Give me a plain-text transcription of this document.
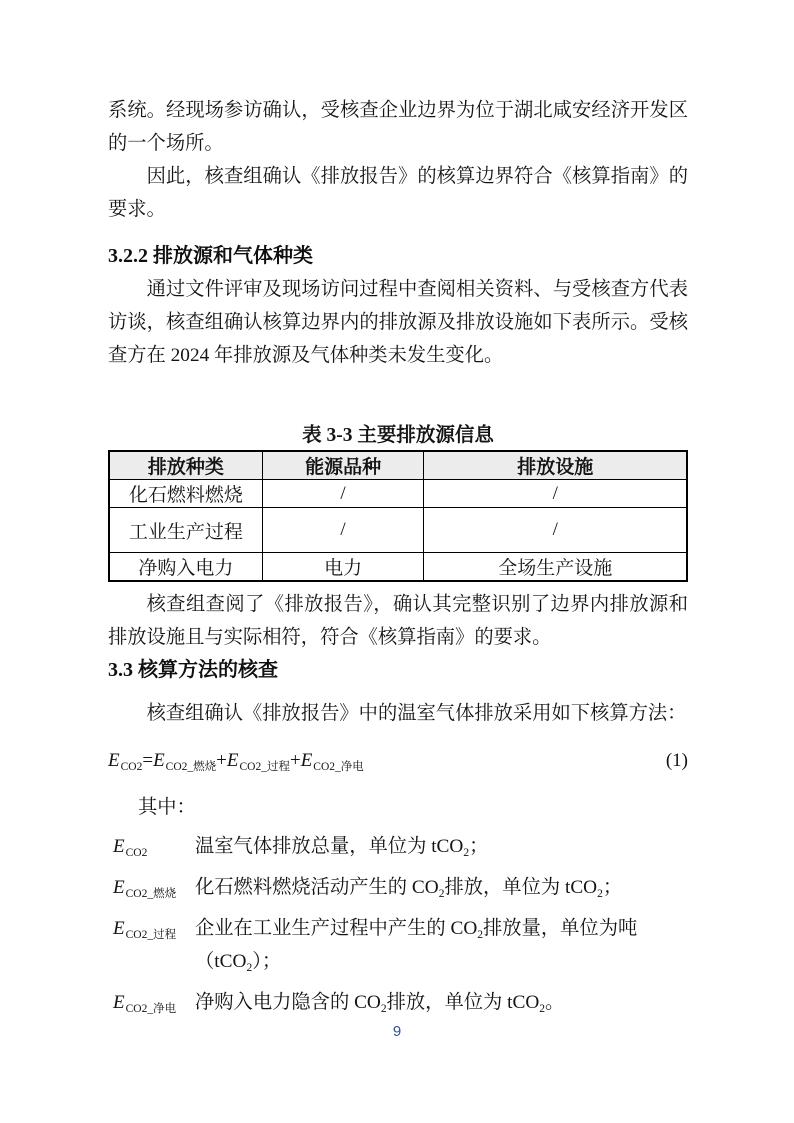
系统。经现场参访确认，受核查企业边界为位于湖北咸安经济开发区的一个场所。

因此，核查组确认《排放报告》的核算边界符合《核算指南》的要求。

3.2.2 排放源和气体种类

通过文件评审及现场访问过程中查阅相关资料、与受核查方代表访谈，核查组确认核算边界内的排放源及排放设施如下表所示。受核查方在 2024 年排放源及气体种类未发生变化。

表 3-3 主要排放源信息
排放种类	能源品种	排放设施
化石燃料燃烧	/	/
工业生产过程	/	/
净购入电力	电力	全场生产设施

核查组查阅了《排放报告》，确认其完整识别了边界内排放源和排放设施且与实际相符，符合《核算指南》的要求。

3.3 核算方法的核查

核查组确认《排放报告》中的温室气体排放采用如下核算方法：

$E_{CO2}=E_{CO2\_燃烧}+E_{CO2\_过程}+E_{CO2\_净电}$	(1)

其中：

$E_{CO2}$	温室气体排放总量，单位为 tCO$_2$；
$E_{CO2\_燃烧}$ 化石燃料燃烧活动产生的 $CO_2$排放，单位为 tCO$_2$；
$E_{CO2\_过程}$ 企业在工业生产过程中产生的 $CO_2$排放量，单位为吨（tCO$_2$）；
$E_{CO2\_净电}$ 净购入电力隐含的 $CO_2$排放，单位为 tCO$_2$。
9
